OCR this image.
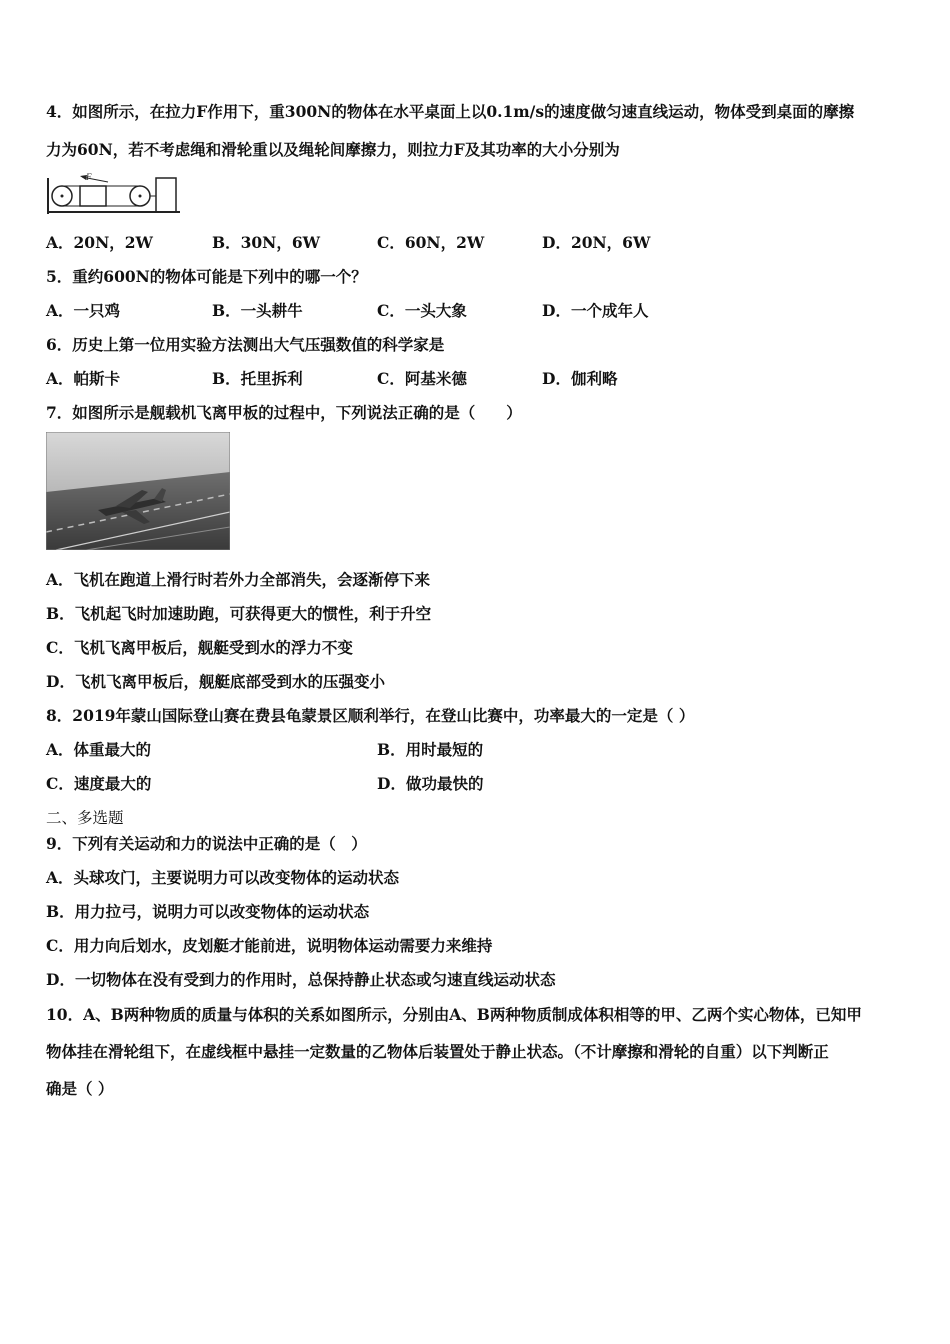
4．如图所示，在拉力F作用下，重300N的物体在水平桌面上以0.1m/s的速度做匀速直线运动，物体受到桌面的摩擦
力为60N，若不考虑绳和滑轮重以及绳轮间摩擦力，则拉力F及其功率的大小分别为
F
A．20N，2W	B．30N，6W	C．60N，2W	D．20N，6W
5．重约600N的物体可能是下列中的哪一个？
A．一只鸡	B．一头耕牛	C．一头大象	D．一个成年人
6．历史上第一位用实验方法测出大气压强数值的科学家是
A．帕斯卡	B．托里拆利	C．阿基米德	D．伽利略
7．如图所示是舰载机飞离甲板的过程中，下列说法正确的是（　　）
A．飞机在跑道上滑行时若外力全部消失，会逐渐停下来
B．飞机起飞时加速助跑，可获得更大的惯性，利于升空
C．飞机飞离甲板后，舰艇受到水的浮力不变
D．飞机飞离甲板后，舰艇底部受到水的压强变小
8．2019年蒙山国际登山赛在费县龟蒙景区顺利举行，在登山比赛中，功率最大的一定是（ ）
A．体重最大的	B．用时最短的
C．速度最大的	D．做功最快的
二、多选题
9．下列有关运动和力的说法中正确的是（　）
A．头球攻门，主要说明力可以改变物体的运动状态
B．用力拉弓，说明力可以改变物体的运动状态
C．用力向后划水，皮划艇才能前进，说明物体运动需要力来维持
D．一切物体在没有受到力的作用时，总保持静止状态或匀速直线运动状态
10．A、B两种物质的质量与体积的关系如图所示，分别由A、B两种物质制成体积相等的甲、乙两个实心物体，已知甲
物体挂在滑轮组下，在虚线框中悬挂一定数量的乙物体后装置处于静止状态。（不计摩擦和滑轮的自重）以下判断正
确是（ ）
